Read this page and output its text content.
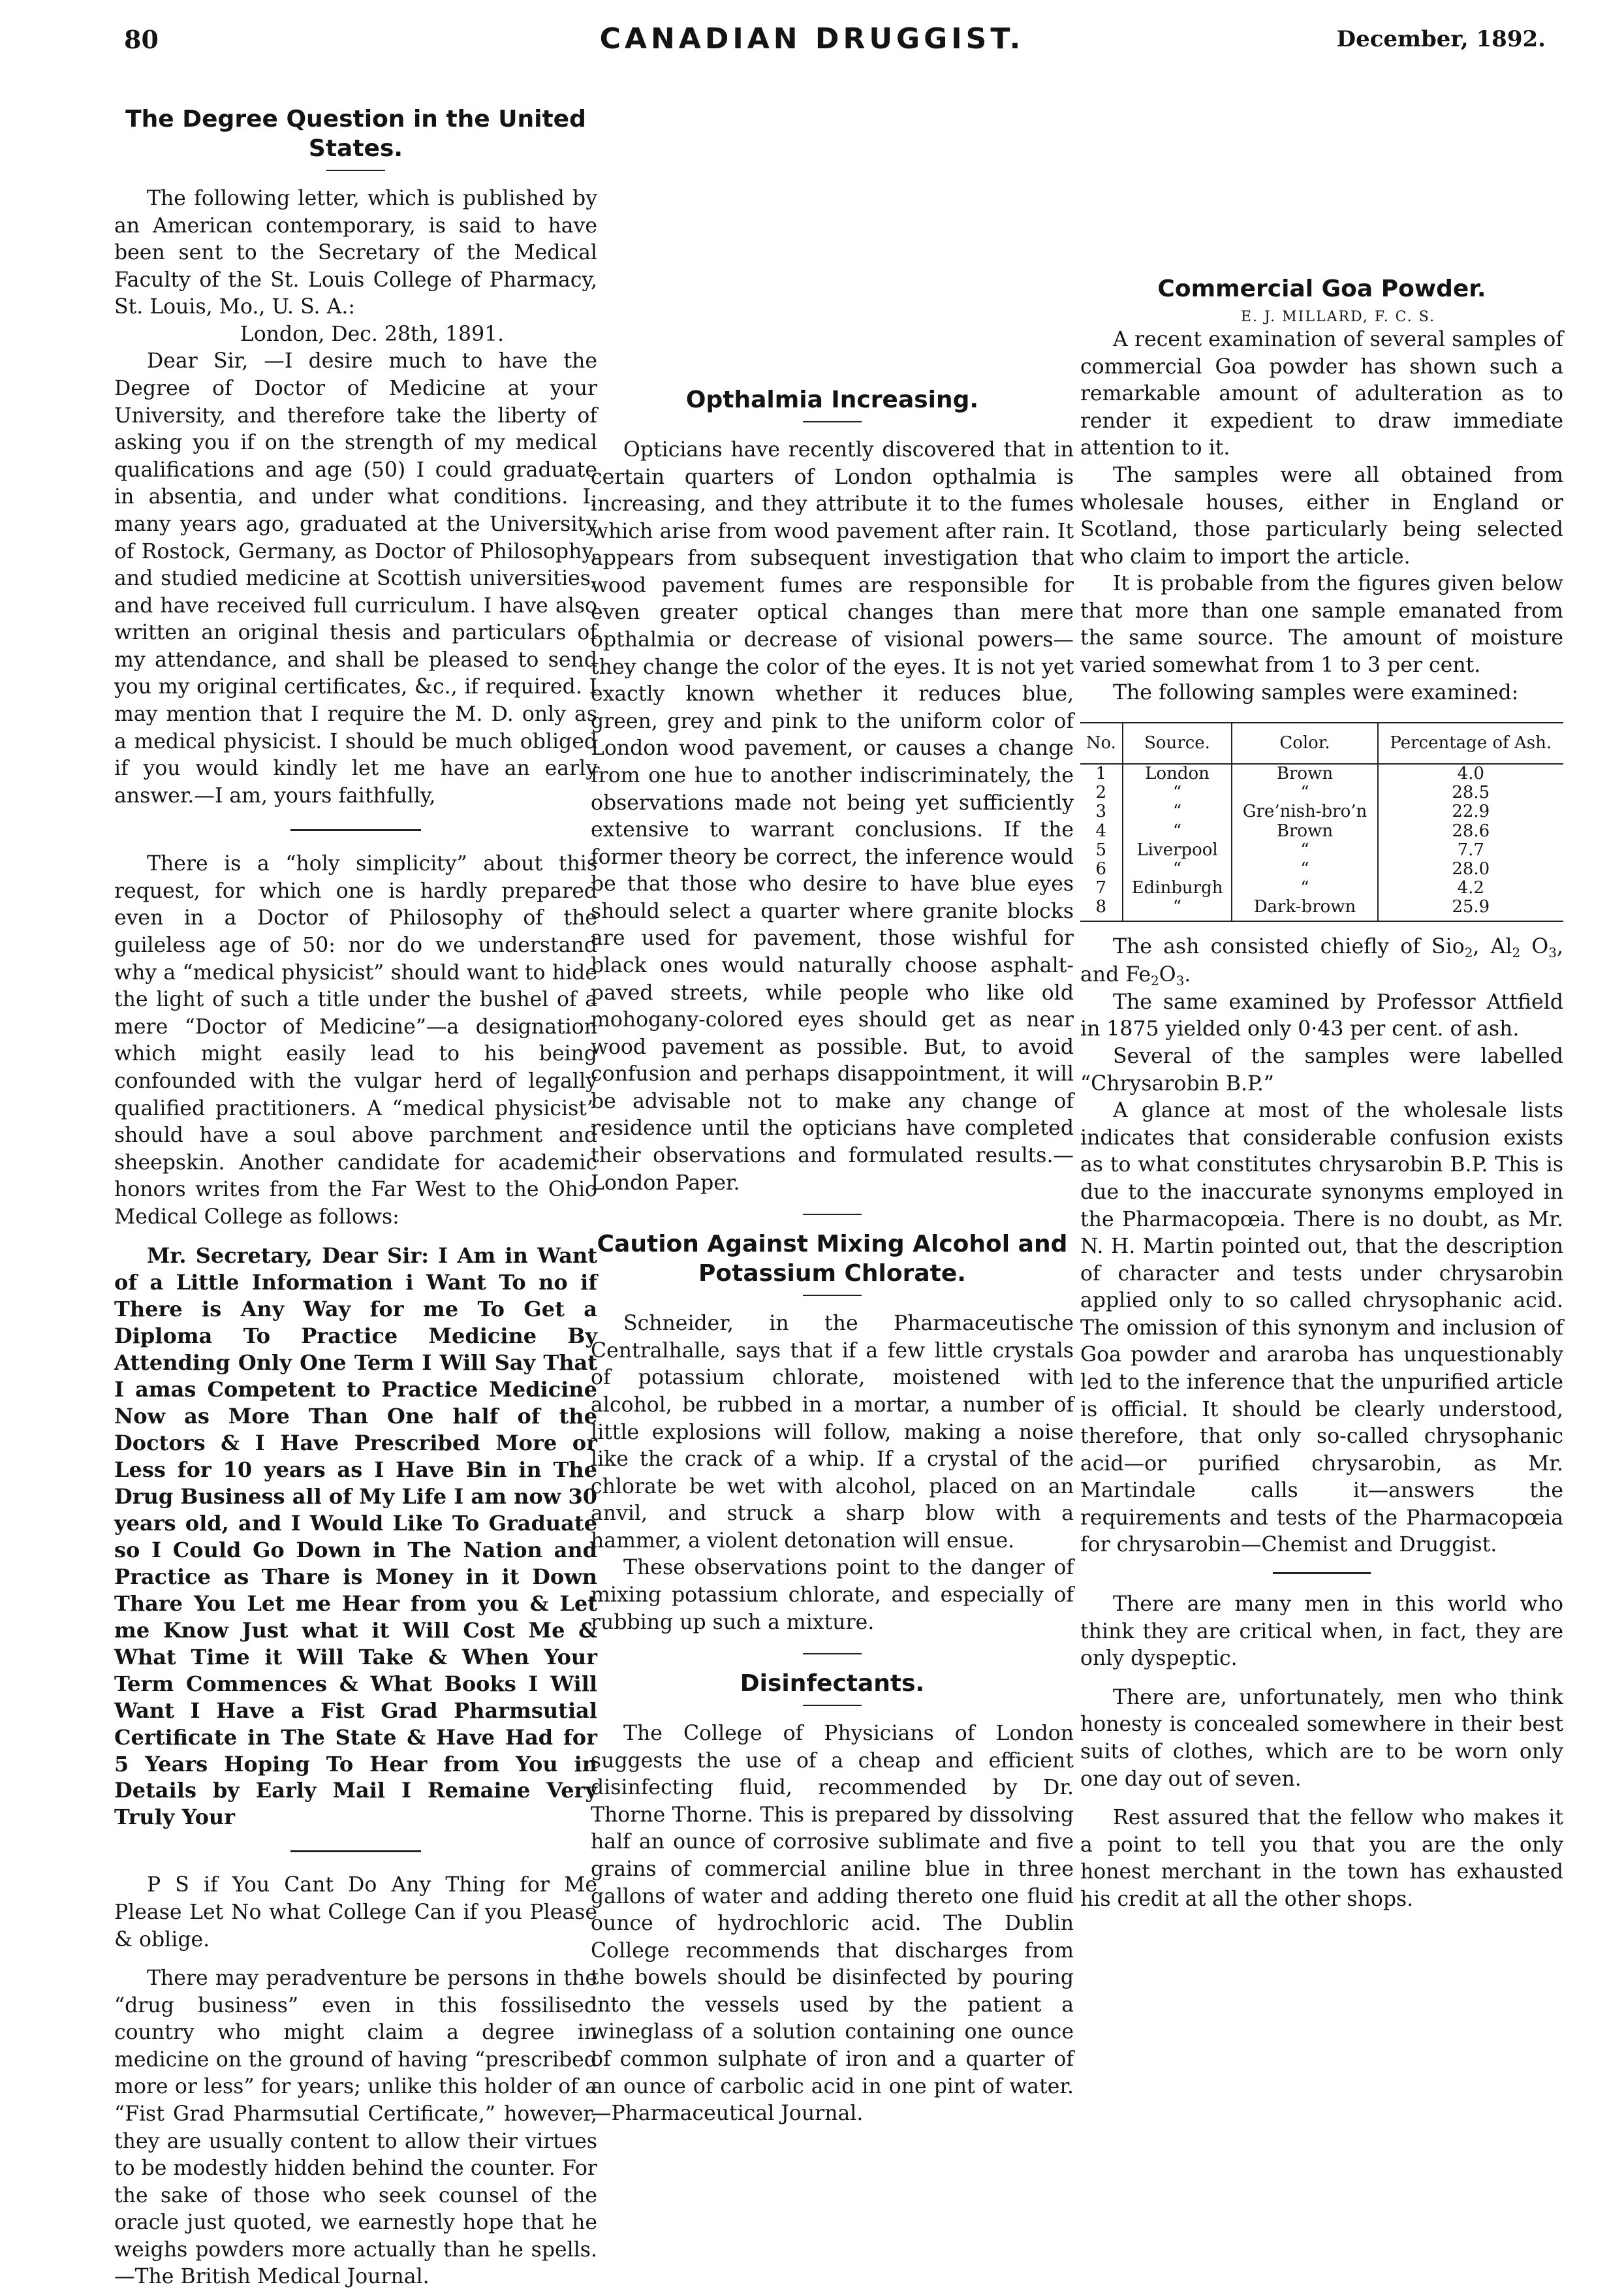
80	CANADIAN DRUGGIST.	December, 1892.
The Degree Question in the United States.

The following letter, which is published by an American contemporary, is said to have been sent to the Secretary of the Medical Faculty of the St. Louis College of Pharmacy, St. Louis, Mo., U. S. A.:

London, Dec. 28th, 1891.

Dear Sir, —I desire much to have the Degree of Doctor of Medicine at your University, and therefore take the liberty of asking you if on the strength of my medical qualifications and age (50) I could graduate in absentia, and under what conditions. I, many years ago, graduated at the University of Rostock, Germany, as Doctor of Philosophy, and studied medicine at Scottish universities, and have received full curriculum. I have also written an original thesis and particulars of my attendance, and shall be pleased to send you my original certificates, &c., if required. I may mention that I require the M. D. only as a medical physicist. I should be much obliged if you would kindly let me have an early answer.—I am, yours faithfully,

There is a “holy simplicity” about this request, for which one is hardly prepared even in a Doctor of Philosophy of the guileless age of 50: nor do we understand why a “medical physicist” should want to hide the light of such a title under the bushel of a mere “Doctor of Medicine”—a designation which might easily lead to his being confounded with the vulgar herd of legally qualified practitioners. A “medical physicist” should have a soul above parchment and sheepskin. Another candidate for academic honors writes from the Far West to the Ohio Medical College as follows:

Mr. Secretary, Dear Sir: I Am in Want of a Little Information i Want To no if There is Any Way for me To Get a Diploma To Practice Medicine By Attending Only One Term I Will Say That I amas Competent to Practice Medicine Now as More Than One half of the Doctors & I Have Prescribed More or Less for 10 years as I Have Bin in The Drug Business all of My Life I am now 30 years old, and I Would Like To Graduate so I Could Go Down in The Nation and Practice as Thare is Money in it Down Thare You Let me Hear from you & Let me Know Just what it Will Cost Me & What Time it Will Take & When Your Term Commences & What Books I Will Want I Have a Fist Grad Pharmsutial Certificate in The State & Have Had for 5 Years Hoping To Hear from You in Details by Early Mail I Remaine Very Truly Your

P S if You Cant Do Any Thing for Me Please Let No what College Can if you Please & oblige.

There may peradventure be persons in the “drug business” even in this fossilised country who might claim a degree in medicine on the ground of having “prescribed more or less” for years; unlike this holder of a “Fist Grad Pharmsutial Certificate,” however, they are usually content to allow their virtues to be modestly hidden behind the counter. For the sake of those who seek counsel of the oracle just quoted, we earnestly hope that he weighs powders more actually than he spells.—The British Medical Journal.

Opthalmia Increasing.

Opticians have recently discovered that in certain quarters of London opthalmia is increasing, and they attribute it to the fumes which arise from wood pavement after rain. It appears from subsequent investigation that wood pavement fumes are responsible for even greater optical changes than mere opthalmia or decrease of visional powers—they change the color of the eyes. It is not yet exactly known whether it reduces blue, green, grey and pink to the uniform color of London wood pavement, or causes a change from one hue to another indiscriminately, the observations made not being yet sufficiently extensive to warrant conclusions. If the former theory be correct, the inference would be that those who desire to have blue eyes should select a quarter where granite blocks are used for pavement, those wishful for black ones would naturally choose asphalt-paved streets, while people who like old mohogany-colored eyes should get as near wood pavement as possible. But, to avoid confusion and perhaps disappointment, it will be advisable not to make any change of residence until the opticians have completed their observations and formulated results.—London Paper.

Caution Against Mixing Alcohol and Potassium Chlorate.

Schneider, in the Pharmaceutische Centralhalle, says that if a few little crystals of potassium chlorate, moistened with alcohol, be rubbed in a mortar, a number of little explosions will follow, making a noise like the crack of a whip. If a crystal of the chlorate be wet with alcohol, placed on an anvil, and struck a sharp blow with a hammer, a violent detonation will ensue.

These observations point to the danger of mixing potassium chlorate, and especially of rubbing up such a mixture.

Disinfectants.

The College of Physicians of London suggests the use of a cheap and efficient disinfecting fluid, recommended by Dr. Thorne Thorne. This is prepared by dissolving half an ounce of corrosive sublimate and five grains of commercial aniline blue in three gallons of water and adding thereto one fluid ounce of hydrochloric acid. The Dublin College recommends that discharges from the bowels should be disinfected by pouring into the vessels used by the patient a wineglass of a solution containing one ounce of common sulphate of iron and a quarter of an ounce of carbolic acid in one pint of water.—Pharmaceutical Journal.

Commercial Goa Powder.

E. J. MILLARD, F. C. S.

A recent examination of several samples of commercial Goa powder has shown such a remarkable amount of adulteration as to render it expedient to draw immediate attention to it.

The samples were all obtained from wholesale houses, either in England or Scotland, those particularly being selected who claim to import the article.

It is probable from the figures given below that more than one sample emanated from the same source. The amount of moisture varied somewhat from 1 to 3 per cent.

The following samples were examined:

No.	Source.	Color.	Percentage of Ash.
1	London	Brown	4.0
2	“	“	28.5
3	“	Gre’nish-bro’n	22.9
4	“	Brown	28.6
5	Liverpool	“	7.7
6	“	“	28.0
7	Edinburgh	“	4.2
8	“	Dark-brown	25.9

The ash consisted chiefly of Sio$_2$, $Al_2$ $O_3$, and $Fe_2O_3$.

The same examined by Professor Attfield in 1875 yielded only 0·43 per cent. of ash.

Several of the samples were labelled “Chrysarobin B.P.”

A glance at most of the wholesale lists indicates that considerable confusion exists as to what constitutes chrysarobin B.P. This is due to the inaccurate synonyms employed in the Pharmacopœia. There is no doubt, as Mr. N. H. Martin pointed out, that the description of character and tests under chrysarobin applied only to so called chrysophanic acid. The omission of this synonym and inclusion of Goa powder and araroba has unquestionably led to the inference that the unpurified article is official. It should be clearly understood, therefore, that only so-called chrysophanic acid—or purified chrysarobin, as Mr. Martindale calls it—answers the requirements and tests of the Pharmacopœia for chrysarobin—Chemist and Druggist.

There are many men in this world who think they are critical when, in fact, they are only dyspeptic.

There are, unfortunately, men who think honesty is concealed somewhere in their best suits of clothes, which are to be worn only one day out of seven.

Rest assured that the fellow who makes it a point to tell you that you are the only honest merchant in the town has exhausted his credit at all the other shops.
